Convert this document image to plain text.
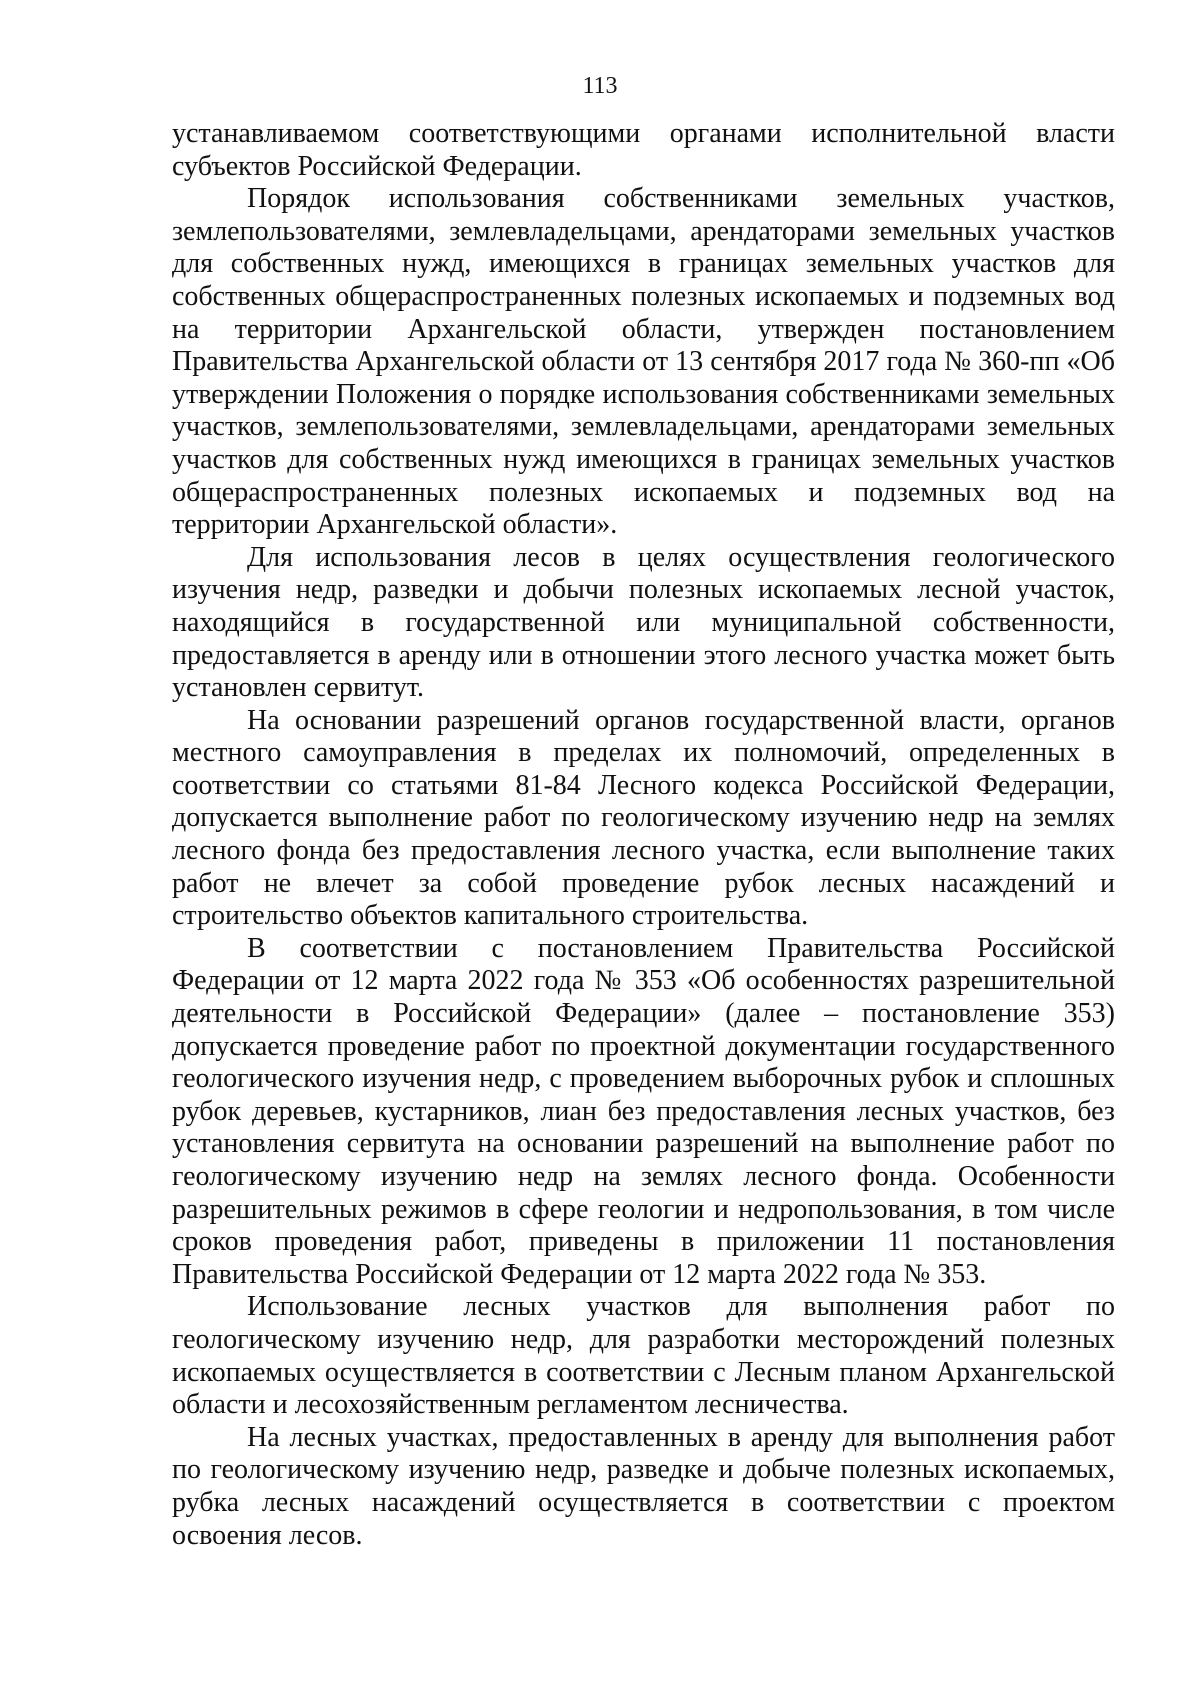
113

устанавливаемом соответствующими органами исполнительной власти субъектов Российской Федерации.

Порядок использования собственниками земельных участков, землепользователями, землевладельцами, арендаторами земельных участков для собственных нужд, имеющихся в границах земельных участков для собственных общераспространенных полезных ископаемых и подземных вод на территории Архангельской области, утвержден постановлением Правительства Архангельской области от 13 сентября 2017 года № 360-пп «Об утверждении Положения о порядке использования собственниками земельных участков, землепользователями, землевладельцами, арендаторами земельных участков для собственных нужд имеющихся в границах земельных участков общераспространенных полезных ископаемых и подземных вод на территории Архангельской области».

Для использования лесов в целях осуществления геологического изучения недр, разведки и добычи полезных ископаемых лесной участок, находящийся в государственной или муниципальной собственности, предоставляется в аренду или в отношении этого лесного участка может быть установлен сервитут.

На основании разрешений органов государственной власти, органов местного самоуправления в пределах их полномочий, определенных в соответствии со статьями 81-84 Лесного кодекса Российской Федерации, допускается выполнение работ по геологическому изучению недр на землях лесного фонда без предоставления лесного участка, если выполнение таких работ не влечет за собой проведение рубок лесных насаждений и строительство объектов капитального строительства.

В соответствии с постановлением Правительства Российской Федерации от 12 марта 2022 года № 353 «Об особенностях разрешительной деятельности в Российской Федерации» (далее – постановление 353) допускается проведение работ по проектной документации государственного геологического изучения недр, с проведением выборочных рубок и сплошных рубок деревьев, кустарников, лиан без предоставления лесных участков, без установления сервитута на основании разрешений на выполнение работ по геологическому изучению недр на землях лесного фонда. Особенности разрешительных режимов в сфере геологии и недропользования, в том числе сроков проведения работ, приведены в приложении 11 постановления Правительства Российской Федерации от 12 марта 2022 года № 353.

Использование лесных участков для выполнения работ по геологическому изучению недр, для разработки месторождений полезных ископаемых осуществляется в соответствии с Лесным планом Архангельской области и лесохозяйственным регламентом лесничества.

На лесных участках, предоставленных в аренду для выполнения работ по геологическому изучению недр, разведке и добыче полезных ископаемых, рубка лесных насаждений осуществляется в соответствии с проектом освоения лесов.
